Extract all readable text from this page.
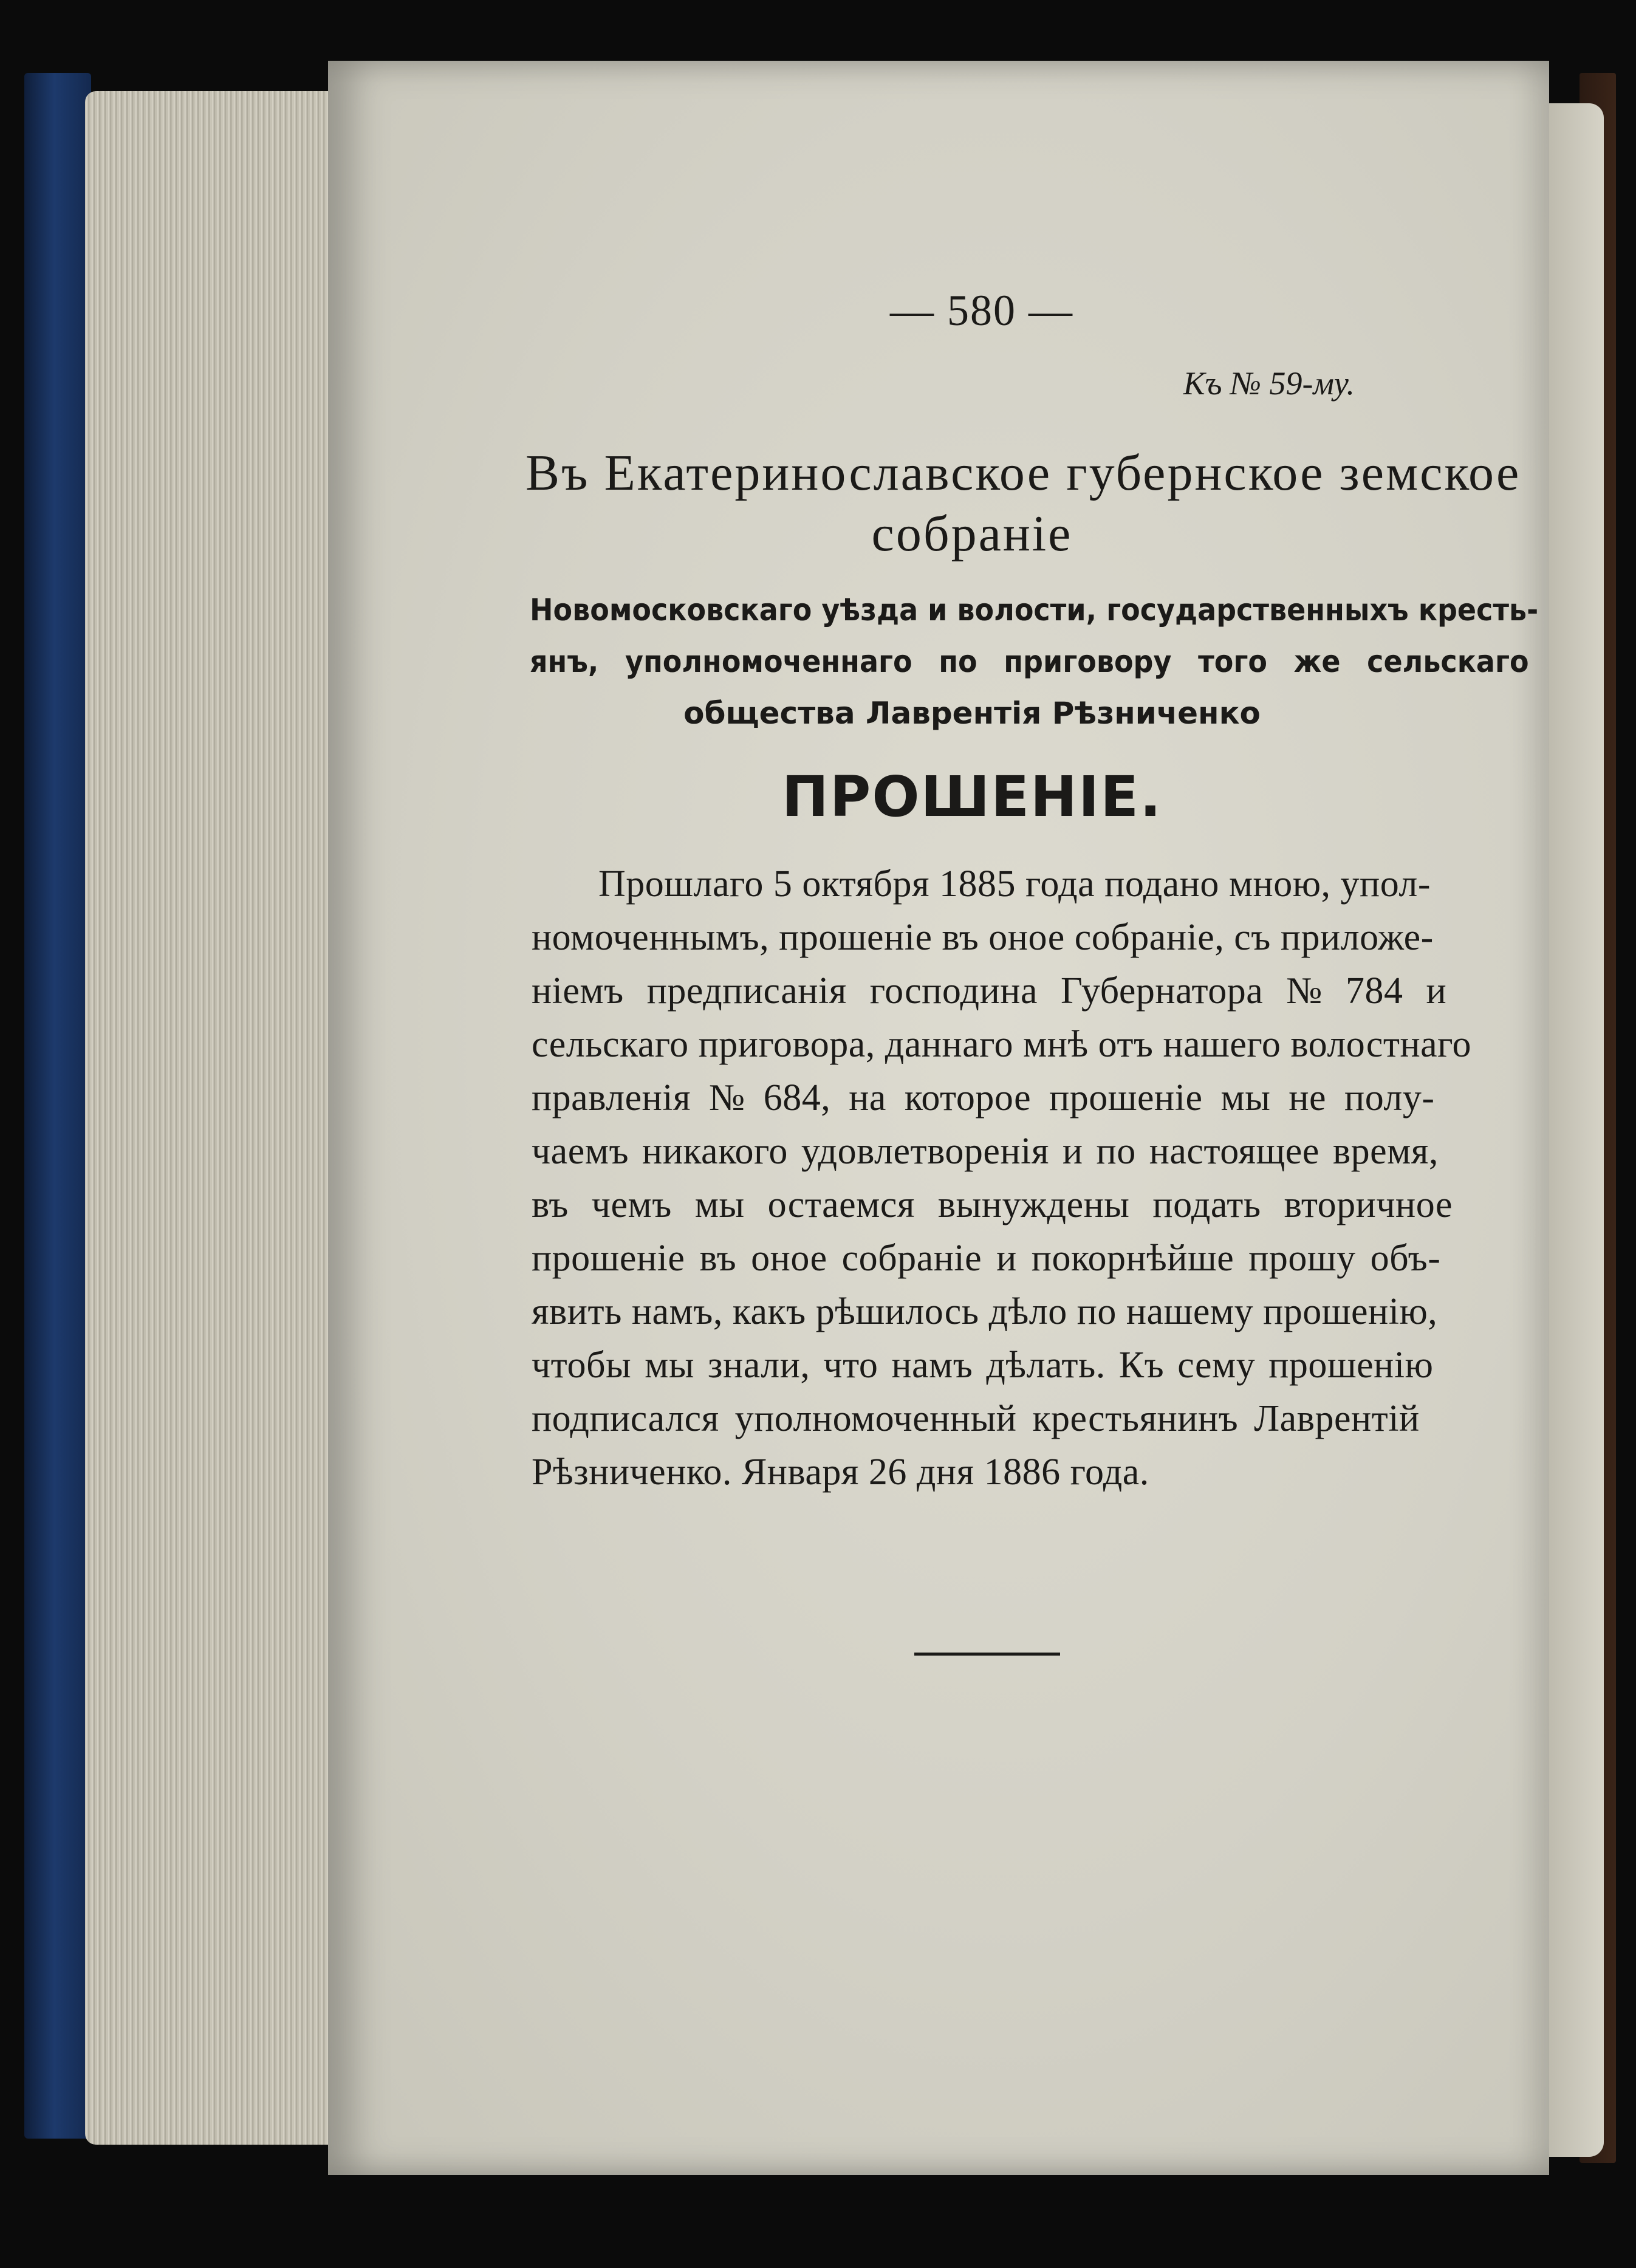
— 580 —
Къ № 59-му.
Въ Екатеринославское губернское земское
собраніе
Новомосковскаго уѣзда и волости, государственныхъ кресть-
янъ, уполномоченнаго по приговору того же сельскаго
общества Лаврентія Рѣзниченко
ПРОШЕНІЕ.
Прошлаго 5 октября 1885 года подано мною, упол-
номоченнымъ, прошеніе въ оное собраніе, съ приложе-
ніемъ предписанія господина Губернатора № 784 и
сельскаго приговора, даннаго мнѣ отъ нашего волостнаго
правленія № 684, на которое прошеніе мы не полу-
чаемъ никакого удовлетворенія и по настоящее время,
въ чемъ мы остаемся вынуждены подать вторичное
прошеніе въ оное собраніе и покорнѣйше прошу объ-
явить намъ, какъ рѣшилось дѣло по нашему прошенію,
чтобы мы знали, что намъ дѣлать. Къ сему прошенію
подписался уполномоченный крестьянинъ Лаврентій
Рѣзниченко. Января 26 дня 1886 года.
